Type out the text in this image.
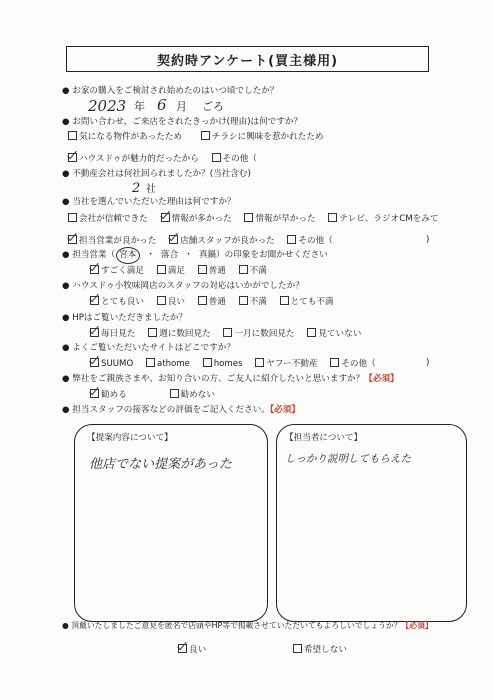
契約時アンケート(買主様用)
● お家の購入をご検討され始めたのはいつ頃でしたか？
2023 年 6 月 ごろ
● お問い合わせ、ご来店をされたきっかけ(理由)は何ですか？
気になる物件があったため	チラシに興味を惹かれたため
ハウスドゥが魅力的だったから	その他（
● 不動産会社は何社回られましたか？(当社含む)
2 社
● 当社を選んでいただいた理由は何ですか？
会社が信頼できた	情報が多かった	情報が早かった	テレビ、ラジオCMをみて
担当営業が良かった	店舗スタッフが良かった	その他（	)
● 担当営業（ 宮本 ・ 落合 ・ 真鍋）の印象をお聞かせください
すごく満足	満足	普通	不満
● ハウスドゥ小牧味岡店のスタッフの対応はいかがでしたか？
とても良い	良い	普通	不満	とても不満
● HPはご覧いただきましたか？
毎日見た	週に数回見た	一月に数回見た	見ていない
● よくご覧いただいたサイトはどこですか？
SUUMO	athome	homes	ヤフー不動産	その他（	)
● 弊社をご親族さまや、お知り合いの方、ご友人に紹介したいと思いますか？【必須】
勧める	勧めない
● 担当スタッフの接客などの評価をご記入ください。【必須】
【提案内容について】
他店でない提案があった
【担当者について】
しっかり説明してもらえた
● 頂戴いたしましたご意見を匿名で店頭やHP等で掲載させていただいてもよろしいでしょうか？【必須】
良い	希望しない
